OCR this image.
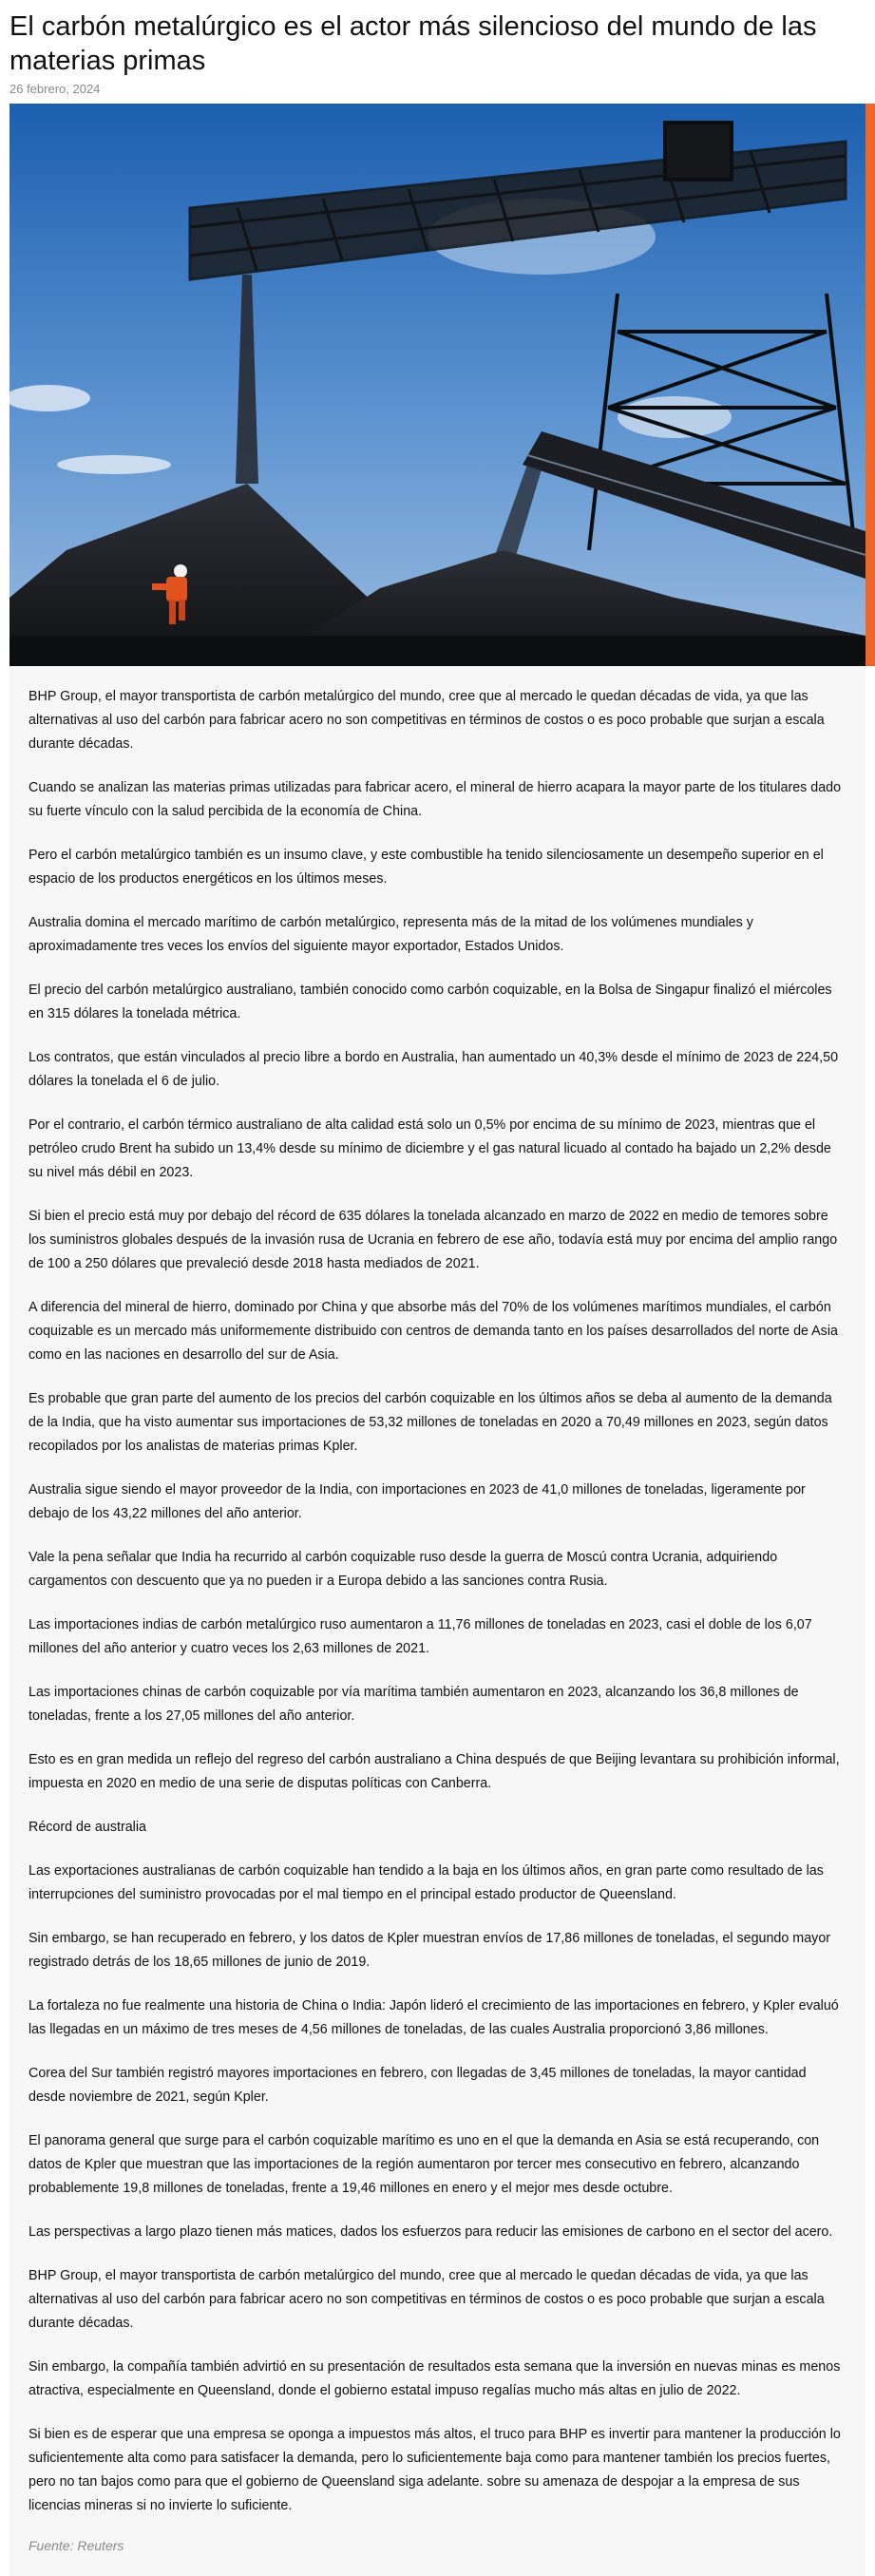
El carbón metalúrgico es el actor más silencioso del mundo de las materias primas
26 febrero, 2024

BHP Group, el mayor transportista de carbón metalúrgico del mundo, cree que al mercado le quedan décadas de vida, ya que las alternativas al uso del carbón para fabricar acero no son competitivas en términos de costos o es poco probable que surjan a escala durante décadas.

Cuando se analizan las materias primas utilizadas para fabricar acero, el mineral de hierro acapara la mayor parte de los titulares dado su fuerte vínculo con la salud percibida de la economía de China.

Pero el carbón metalúrgico también es un insumo clave, y este combustible ha tenido silenciosamente un desempeño superior en el espacio de los productos energéticos en los últimos meses.

Australia domina el mercado marítimo de carbón metalúrgico, representa más de la mitad de los volúmenes mundiales y aproximadamente tres veces los envíos del siguiente mayor exportador, Estados Unidos.

El precio del carbón metalúrgico australiano, también conocido como carbón coquizable, en la Bolsa de Singapur finalizó el miércoles en 315 dólares la tonelada métrica.

Los contratos, que están vinculados al precio libre a bordo en Australia, han aumentado un 40,3% desde el mínimo de 2023 de 224,50 dólares la tonelada el 6 de julio.

Por el contrario, el carbón térmico australiano de alta calidad está solo un 0,5% por encima de su mínimo de 2023, mientras que el petróleo crudo Brent ha subido un 13,4% desde su mínimo de diciembre y el gas natural licuado al contado ha bajado un 2,2% desde su nivel más débil en 2023.

Si bien el precio está muy por debajo del récord de 635 dólares la tonelada alcanzado en marzo de 2022 en medio de temores sobre los suministros globales después de la invasión rusa de Ucrania en febrero de ese año, todavía está muy por encima del amplio rango de 100 a 250 dólares que prevaleció desde 2018 hasta mediados de 2021.

A diferencia del mineral de hierro, dominado por China y que absorbe más del 70% de los volúmenes marítimos mundiales, el carbón coquizable es un mercado más uniformemente distribuido con centros de demanda tanto en los países desarrollados del norte de Asia como en las naciones en desarrollo del sur de Asia.

Es probable que gran parte del aumento de los precios del carbón coquizable en los últimos años se deba al aumento de la demanda de la India, que ha visto aumentar sus importaciones de 53,32 millones de toneladas en 2020 a 70,49 millones en 2023, según datos recopilados por los analistas de materias primas Kpler.

Australia sigue siendo el mayor proveedor de la India, con importaciones en 2023 de 41,0 millones de toneladas, ligeramente por debajo de los 43,22 millones del año anterior.

Vale la pena señalar que India ha recurrido al carbón coquizable ruso desde la guerra de Moscú contra Ucrania, adquiriendo cargamentos con descuento que ya no pueden ir a Europa debido a las sanciones contra Rusia.

Las importaciones indias de carbón metalúrgico ruso aumentaron a 11,76 millones de toneladas en 2023, casi el doble de los 6,07 millones del año anterior y cuatro veces los 2,63 millones de 2021.

Las importaciones chinas de carbón coquizable por vía marítima también aumentaron en 2023, alcanzando los 36,8 millones de toneladas, frente a los 27,05 millones del año anterior.

Esto es en gran medida un reflejo del regreso del carbón australiano a China después de que Beijing levantara su prohibición informal, impuesta en 2020 en medio de una serie de disputas políticas con Canberra.

Récord de australia

Las exportaciones australianas de carbón coquizable han tendido a la baja en los últimos años, en gran parte como resultado de las interrupciones del suministro provocadas por el mal tiempo en el principal estado productor de Queensland.

Sin embargo, se han recuperado en febrero, y los datos de Kpler muestran envíos de 17,86 millones de toneladas, el segundo mayor registrado detrás de los 18,65 millones de junio de 2019.

La fortaleza no fue realmente una historia de China o India: Japón lideró el crecimiento de las importaciones en febrero, y Kpler evaluó las llegadas en un máximo de tres meses de 4,56 millones de toneladas, de las cuales Australia proporcionó 3,86 millones.

Corea del Sur también registró mayores importaciones en febrero, con llegadas de 3,45 millones de toneladas, la mayor cantidad desde noviembre de 2021, según Kpler.

El panorama general que surge para el carbón coquizable marítimo es uno en el que la demanda en Asia se está recuperando, con datos de Kpler que muestran que las importaciones de la región aumentaron por tercer mes consecutivo en febrero, alcanzando probablemente 19,8 millones de toneladas, frente a 19,46 millones en enero y el mejor mes desde octubre.

Las perspectivas a largo plazo tienen más matices, dados los esfuerzos para reducir las emisiones de carbono en el sector del acero.

BHP Group, el mayor transportista de carbón metalúrgico del mundo, cree que al mercado le quedan décadas de vida, ya que las alternativas al uso del carbón para fabricar acero no son competitivas en términos de costos o es poco probable que surjan a escala durante décadas.

Sin embargo, la compañía también advirtió en su presentación de resultados esta semana que la inversión en nuevas minas es menos atractiva, especialmente en Queensland, donde el gobierno estatal impuso regalías mucho más altas en julio de 2022.

Si bien es de esperar que una empresa se oponga a impuestos más altos, el truco para BHP es invertir para mantener la producción lo suficientemente alta como para satisfacer la demanda, pero lo suficientemente baja como para mantener también los precios fuertes, pero no tan bajos como para que el gobierno de Queensland siga adelante. sobre su amenaza de despojar a la empresa de sus licencias mineras si no invierte lo suficiente.

Fuente: Reuters
